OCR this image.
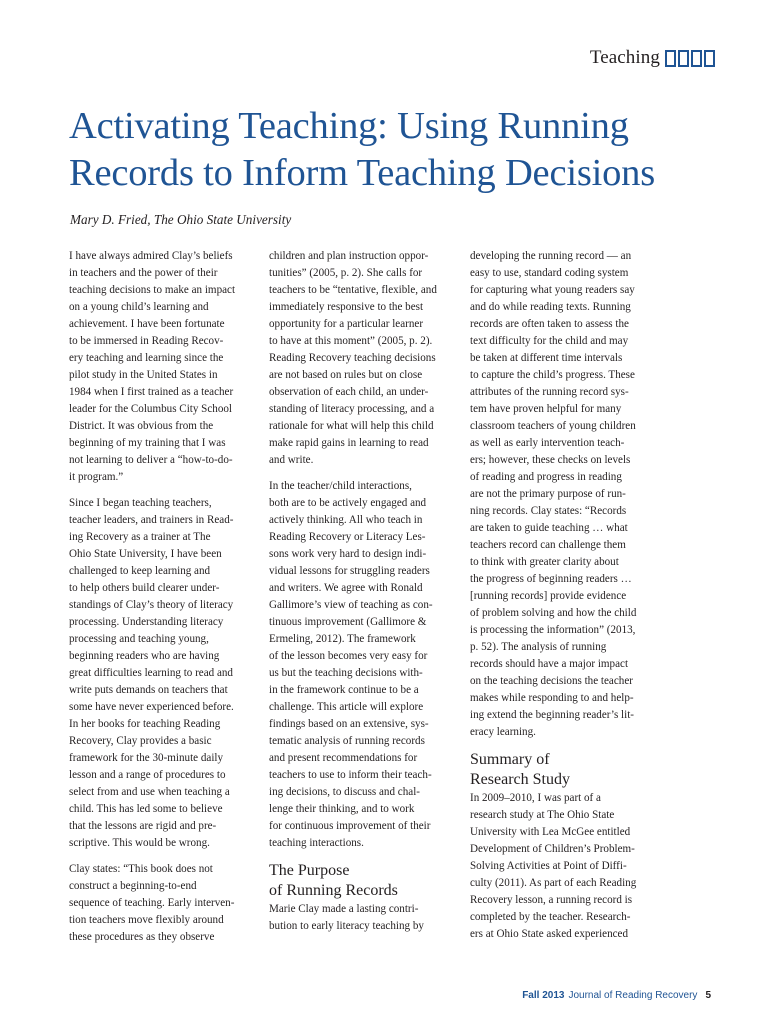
Teaching
Activating Teaching: Using Running
Records to Inform Teaching Decisions

Mary D. Fried, The Ohio State University

I have always admired Clay’s beliefs
in teachers and the power of their
teaching decisions to make an impact
on a young child’s learning and
achievement. I have been fortunate
to be immersed in Reading Recov-
ery teaching and learning since the
pilot study in the United States in
1984 when I first trained as a teacher
leader for the Columbus City School
District. It was obvious from the
beginning of my training that I was
not learning to deliver a “how-to-do-
it program.”

Since I began teaching teachers,
teacher leaders, and trainers in Read-
ing Recovery as a trainer at The
Ohio State University, I have been
challenged to keep learning and
to help others build clearer under-
standings of Clay’s theory of literacy
processing. Understanding literacy
processing and teaching young,
beginning readers who are having
great difficulties learning to read and
write puts demands on teachers that
some have never experienced before.
In her books for teaching Reading
Recovery, Clay provides a basic
framework for the 30-minute daily
lesson and a range of procedures to
select from and use when teaching a
child. This has led some to believe
that the lessons are rigid and pre-
scriptive. This would be wrong.

Clay states: “This book does not
construct a beginning-to-end
sequence of teaching. Early interven-
tion teachers move flexibly around
these procedures as they observe

children and plan instruction oppor-
tunities” (2005, p. 2). She calls for
teachers to be “tentative, flexible, and
immediately responsive to the best
opportunity for a particular learner
to have at this moment” (2005, p. 2).
Reading Recovery teaching decisions
are not based on rules but on close
observation of each child, an under-
standing of literacy processing, and a
rationale for what will help this child
make rapid gains in learning to read
and write.

In the teacher/child interactions,
both are to be actively engaged and
actively thinking. All who teach in
Reading Recovery or Literacy Les-
sons work very hard to design indi-
vidual lessons for struggling readers
and writers. We agree with Ronald
Gallimore’s view of teaching as con-
tinuous improvement (Gallimore &
Ermeling, 2012). The framework
of the lesson becomes very easy for
us but the teaching decisions with-
in the framework continue to be a
challenge. This article will explore
findings based on an extensive, sys-
tematic analysis of running records
and present recommendations for
teachers to use to inform their teach-
ing decisions, to discuss and chal-
lenge their thinking, and to work
for continuous improvement of their
teaching interactions.

The Purpose
of Running Records

Marie Clay made a lasting contri-
bution to early literacy teaching by

developing the running record — an
easy to use, standard coding system
for capturing what young readers say
and do while reading texts. Running
records are often taken to assess the
text difficulty for the child and may
be taken at different time intervals
to capture the child’s progress. These
attributes of the running record sys-
tem have proven helpful for many
classroom teachers of young children
as well as early intervention teach-
ers; however, these checks on levels
of reading and progress in reading
are not the primary purpose of run-
ning records. Clay states: “Records
are taken to guide teaching … what
teachers record can challenge them
to think with greater clarity about
the progress of beginning readers …
[running records] provide evidence
of problem solving and how the child
is processing the information” (2013,
p. 52). The analysis of running
records should have a major impact
on the teaching decisions the teacher
makes while responding to and help-
ing extend the beginning reader’s lit-
eracy learning.

Summary of
Research Study

In 2009–2010, I was part of a
research study at The Ohio State
University with Lea McGee entitled
Development of Children’s Problem-
Solving Activities at Point of Diffi-
culty (2011). As part of each Reading
Recovery lesson, a running record is
completed by the teacher. Research-
ers at Ohio State asked experienced

Fall 2013 Journal of Reading Recovery 5
